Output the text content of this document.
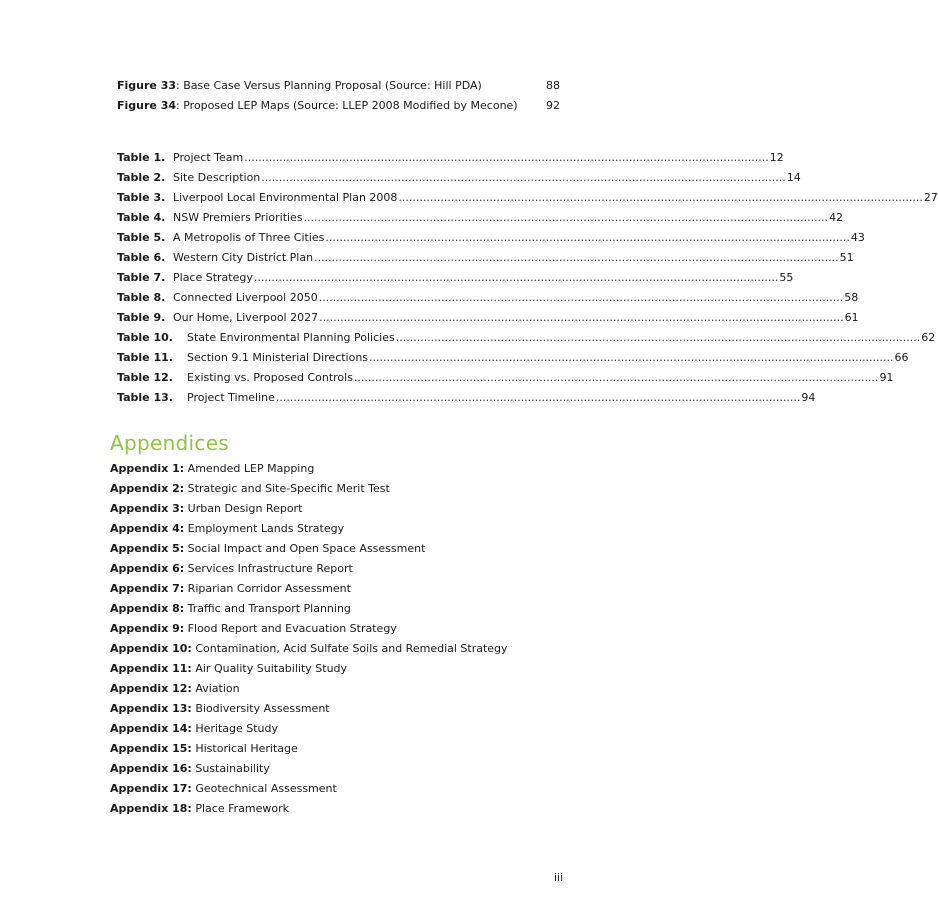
Figure 33: Base Case Versus Planning Proposal (Source: Hill PDA)	88
Figure 34: Proposed LEP Maps (Source: LLEP 2008 Modified by Mecone)	92
Table 1. Project Team ...................................................................................................................................................... 12
Table 2. Site Description ...................................................................................................................................................... 14
Table 3. Liverpool Local Environmental Plan 2008 ...................................................................................................................................................... 27
Table 4. NSW Premiers Priorities ...................................................................................................................................................... 42
Table 5. A Metropolis of Three Cities ...................................................................................................................................................... 43
Table 6. Western City District Plan ...................................................................................................................................................... 51
Table 7. Place Strategy ...................................................................................................................................................... 55
Table 8. Connected Liverpool 2050 ...................................................................................................................................................... 58
Table 9. Our Home, Liverpool 2027 ...................................................................................................................................................... 61
Table 10.	State Environmental Planning Policies ...................................................................................................................................................... 62
Table 11.	Section 9.1 Ministerial Directions ...................................................................................................................................................... 66
Table 12.	Existing vs. Proposed Controls ...................................................................................................................................................... 91
Table 13.	Project Timeline ...................................................................................................................................................... 94
Appendices
Appendix 1: Amended LEP Mapping
Appendix 2: Strategic and Site-Specific Merit Test
Appendix 3: Urban Design Report
Appendix 4: Employment Lands Strategy
Appendix 5: Social Impact and Open Space Assessment
Appendix 6: Services Infrastructure Report
Appendix 7: Riparian Corridor Assessment
Appendix 8: Traffic and Transport Planning
Appendix 9: Flood Report and Evacuation Strategy
Appendix 10: Contamination, Acid Sulfate Soils and Remedial Strategy
Appendix 11: Air Quality Suitability Study
Appendix 12: Aviation
Appendix 13: Biodiversity Assessment
Appendix 14: Heritage Study
Appendix 15: Historical Heritage
Appendix 16: Sustainability
Appendix 17: Geotechnical Assessment
Appendix 18: Place Framework
iii
